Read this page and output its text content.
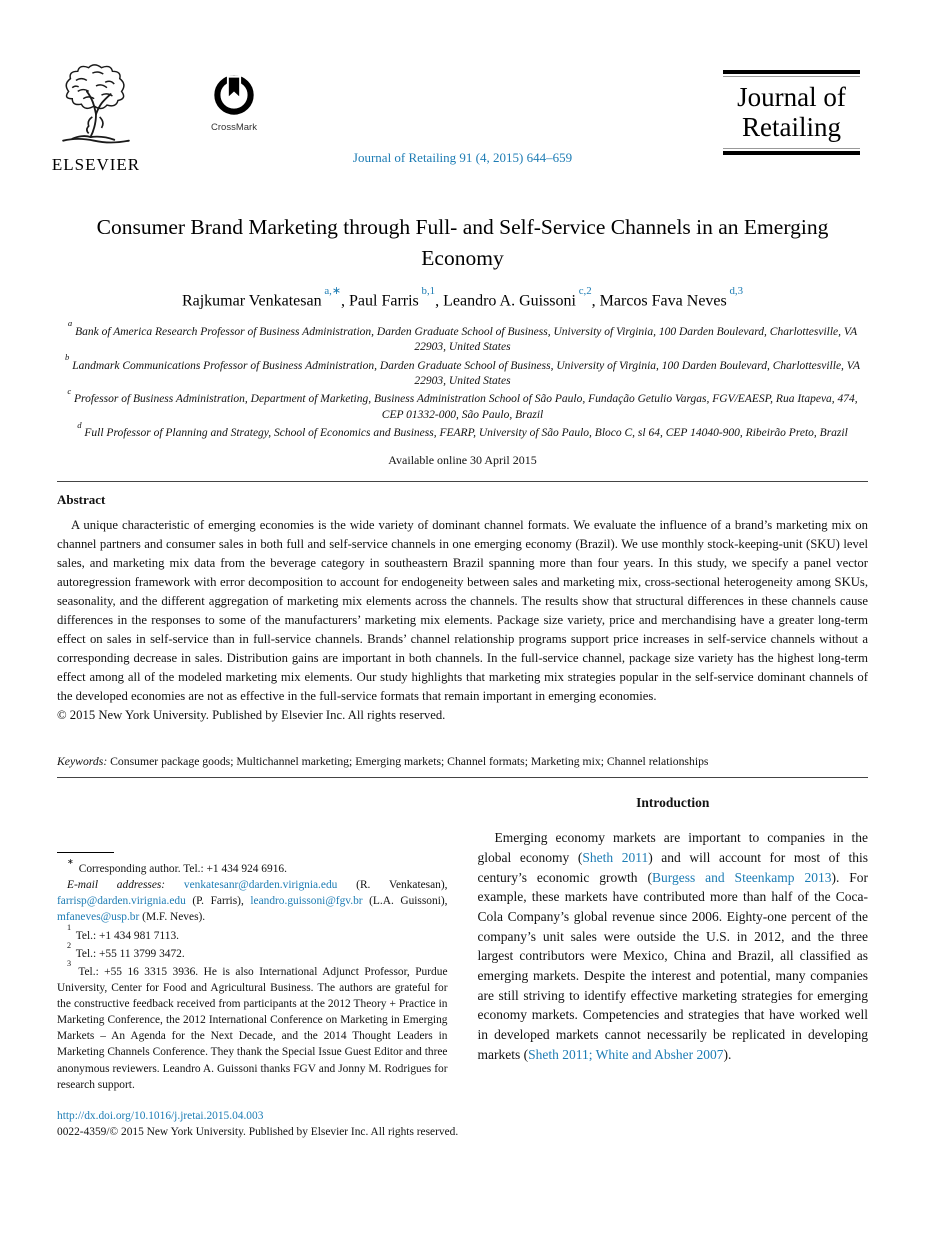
ELSEVIER
CrossMark
Journal of Retailing 91 (4, 2015) 644–659
Journal of
Retailing
Consumer Brand Marketing through Full- and Self-Service Channels in an Emerging Economy
Rajkumar Venkatesan $^{a,∗}$, Paul Farris $^{b,1}$, Leandro A. Guissoni $^{c,2}$, Marcos Fava Neves $^{d,3}$
$^a$ Bank of America Research Professor of Business Administration, Darden Graduate School of Business, University of Virginia, 100 Darden Boulevard, Charlottesville, VA 22903, United States
$^b$ Landmark Communications Professor of Business Administration, Darden Graduate School of Business, University of Virginia, 100 Darden Boulevard, Charlottesville, VA 22903, United States
$^c$ Professor of Business Administration, Department of Marketing, Business Administration School of São Paulo, Fundação Getulio Vargas, FGV/EAESP, Rua Itapeva, 474, CEP 01332-000, São Paulo, Brazil
$^d$ Full Professor of Planning and Strategy, School of Economics and Business, FEARP, University of São Paulo, Bloco C, sl 64, CEP 14040-900, Ribeirão Preto, Brazil
Available online 30 April 2015
Abstract
A unique characteristic of emerging economies is the wide variety of dominant channel formats. We evaluate the influence of a brand’s marketing mix on channel partners and consumer sales in both full and self-service channels in one emerging economy (Brazil). We use monthly stock-keeping-unit (SKU) level sales, and marketing mix data from the beverage category in southeastern Brazil spanning more than four years. In this study, we specify a panel vector autoregression framework with error decomposition to account for endogeneity between sales and marketing mix, cross-sectional heterogeneity among SKUs, seasonality, and the different aggregation of marketing mix elements across the channels. The results show that structural differences in these channels cause differences in the responses to some of the manufacturers’ marketing mix elements. Package size variety, price and merchandising have a greater long-term effect on sales in self-service than in full-service channels. Brands’ channel relationship programs support price increases in self-service channels without a corresponding decrease in sales. Distribution gains are important in both channels. In the full-service channel, package size variety has the highest long-term effect among all of the modeled marketing mix elements. Our study highlights that marketing mix strategies popular in the self-service dominant channels of the developed economies are not as effective in the full-service formats that remain important in emerging economies.
© 2015 New York University. Published by Elsevier Inc. All rights reserved.
Keywords: Consumer package goods; Multichannel marketing; Emerging markets; Channel formats; Marketing mix; Channel relationships
∗ Corresponding author. Tel.: +1 434 924 6916.
E-mail addresses: venkatesanr@darden.virignia.edu (R. Venkatesan), farrisp@darden.virignia.edu (P. Farris), leandro.guissoni@fgv.br (L.A. Guissoni), mfaneves@usp.br (M.F. Neves).
$^1$ Tel.: +1 434 981 7113.
$^2$ Tel.: +55 11 3799 3472.
$^3$ Tel.: +55 16 3315 3936. He is also International Adjunct Professor, Purdue University, Center for Food and Agricultural Business. The authors are grateful for the constructive feedback received from participants at the 2012 Theory + Practice in Marketing Conference, the 2012 International Conference on Marketing in Emerging Markets – An Agenda for the Next Decade, and the 2014 Thought Leaders in Marketing Channels Conference. They thank the Special Issue Guest Editor and three anonymous reviewers. Leandro A. Guissoni thanks FGV and Jonny M. Rodrigues for research support.
Introduction
Emerging economy markets are important to companies in the global economy (Sheth 2011) and will account for most of this century’s economic growth (Burgess and Steenkamp 2013). For example, these markets have contributed more than half of the Coca-Cola Company’s global revenue since 2006. Eighty-one percent of the company’s unit sales were outside the U.S. in 2012, and the three largest contributors were Mexico, China and Brazil, all classified as emerging markets. Despite the interest and potential, many companies are still striving to identify effective marketing strategies for emerging economy markets. Competencies and strategies that have worked well in developed markets cannot necessarily be replicated in developing markets (Sheth 2011; White and Absher 2007).
http://dx.doi.org/10.1016/j.jretai.2015.04.003
0022-4359/© 2015 New York University. Published by Elsevier Inc. All rights reserved.
